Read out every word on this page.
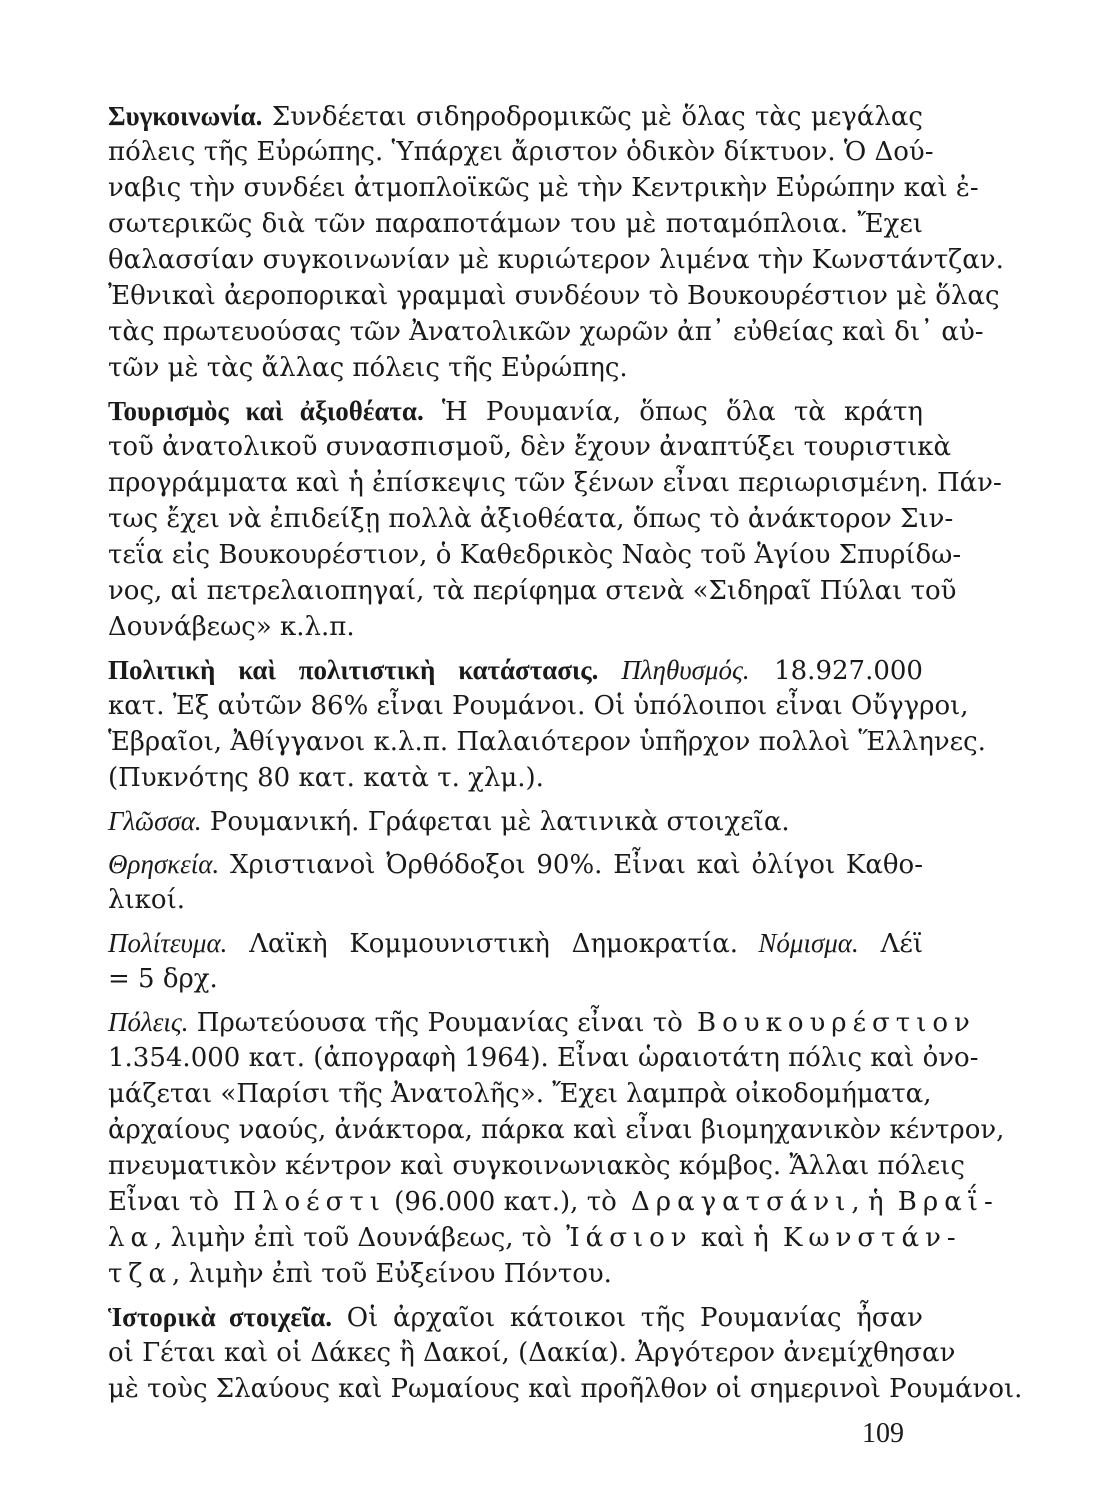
Συγκοινωνία. Συνδέεται σιδηροδρομικῶς μὲ ὅλας τὰς μεγάλας
πόλεις τῆς Εὐρώπης. Ὑπάρχει ἄριστον ὁδικὸν δίκτυον. Ὁ Δού-
ναβις τὴν συνδέει ἀτμοπλοϊκῶς μὲ τὴν Κεντρικὴν Εὐρώπην καὶ ἐ-
σωτερικῶς διὰ τῶν παραποτάμων του μὲ ποταμόπλοια. Ἔχει
θαλασσίαν συγκοινωνίαν μὲ κυριώτερον λιμένα τὴν Κωνστάντζαν.
Ἐθνικαὶ ἀεροπορικαὶ γραμμαὶ συνδέουν τὸ Βουκουρέστιον μὲ ὅλας
τὰς πρωτευούσας τῶν Ἀνατολικῶν χωρῶν ἀπ᾽ εὐθείας καὶ δι᾽ αὐ-
τῶν μὲ τὰς ἄλλας πόλεις τῆς Εὐρώπης.
Τουρισμὸς καὶ ἀξιοθέατα. Ἡ Ρουμανία, ὅπως ὅλα τὰ κράτη
τοῦ ἀνατολικοῦ συνασπισμοῦ, δὲν ἔχουν ἀναπτύξει τουριστικὰ
προγράμματα καὶ ἡ ἐπίσκεψις τῶν ξένων εἶναι περιωρισμένη. Πάν-
τως ἔχει νὰ ἐπιδείξῃ πολλὰ ἀξιοθέατα, ὅπως τὸ ἀνάκτορον Σιν-
τεΐα εἰς Βουκουρέστιον, ὁ Καθεδρικὸς Ναὸς τοῦ Ἁγίου Σπυρίδω-
νος, αἱ πετρελαιοπηγαί, τὰ περίφημα στενὰ «Σιδηραῖ Πύλαι τοῦ
Δουνάβεως» κ.λ.π.
Πολιτικὴ καὶ πολιτιστικὴ κατάστασις. Πληθυσμός. 18.927.000
κατ. Ἐξ αὐτῶν 86% εἶναι Ρουμάνοι. Οἱ ὑπόλοιποι εἶναι Οὔγγροι,
Ἑβραῖοι, Ἀθίγγανοι κ.λ.π. Παλαιότερον ὑπῆρχον πολλοὶ Ἕλληνες.
(Πυκνότης 80 κατ. κατὰ τ. χλμ.).
Γλῶσσα. Ρουμανική. Γράφεται μὲ λατινικὰ στοιχεῖα.
Θρησκεία. Χριστιανοὶ Ὀρθόδοξοι 90%. Εἶναι καὶ ὀλίγοι Καθο-
λικοί.
Πολίτευμα. Λαϊκὴ Κομμουνιστικὴ Δημοκρατία. Νόμισμα. Λέϊ
= 5 δρχ.
Πόλεις. Πρωτεύουσα τῆς Ρουμανίας εἶναι τὸ Βουκουρέστιον
1.354.000 κατ. (ἀπογραφὴ 1964). Εἶναι ὡραιοτάτη πόλις καὶ ὀνο-
μάζεται «Παρίσι τῆς Ἀνατολῆς». Ἔχει λαμπρὰ οἰκοδομήματα,
ἀρχαίους ναούς, ἀνάκτορα, πάρκα καὶ εἶναι βιομηχανικὸν κέντρον,
πνευματικὸν κέντρον καὶ συγκοινωνιακὸς κόμβος. Ἄλλαι πόλεις
Εἶναι τὸ Πλοέστι (96.000 κατ.), τὸ Δραγατσάνι, ἡ Βραΐ-
λα, λιμὴν ἐπὶ τοῦ Δουνάβεως, τὸ Ἰάσιον καὶ ἡ Κωνστάν-
τζα, λιμὴν ἐπὶ τοῦ Εὐξείνου Πόντου.
Ἱστορικὰ στοιχεῖα. Οἱ ἀρχαῖοι κάτοικοι τῆς Ρουμανίας ἦσαν
οἱ Γέται καὶ οἱ Δάκες ἢ Δακοί, (Δακία). Ἀργότερον ἀνεμίχθησαν
μὲ τοὺς Σλαύους καὶ Ρωμαίους καὶ προῆλθον οἱ σημερινοὶ Ρουμάνοι.
109
